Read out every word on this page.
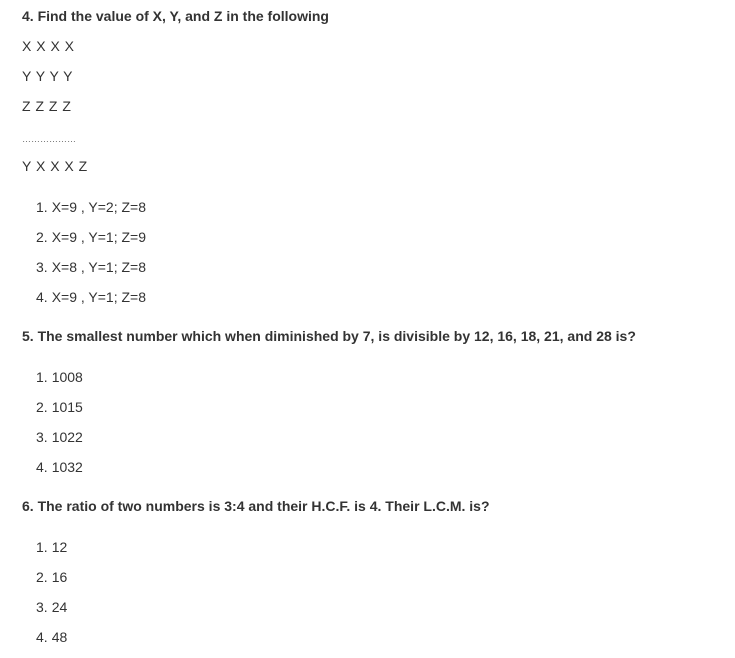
4. Find the value of X, Y, and Z in the following
X X X X
Y Y Y Y
Z Z Z Z
………………
Y X X X Z
1. X=9 , Y=2; Z=8
2. X=9 , Y=1; Z=9
3. X=8 , Y=1; Z=8
4. X=9 , Y=1; Z=8
5. The smallest number which when diminished by 7, is divisible by 12, 16, 18, 21, and 28 is?
1. 1008
2. 1015
3. 1022
4. 1032
6. The ratio of two numbers is 3:4 and their H.C.F. is 4. Their L.C.M. is?
1. 12
2. 16
3. 24
4. 48
